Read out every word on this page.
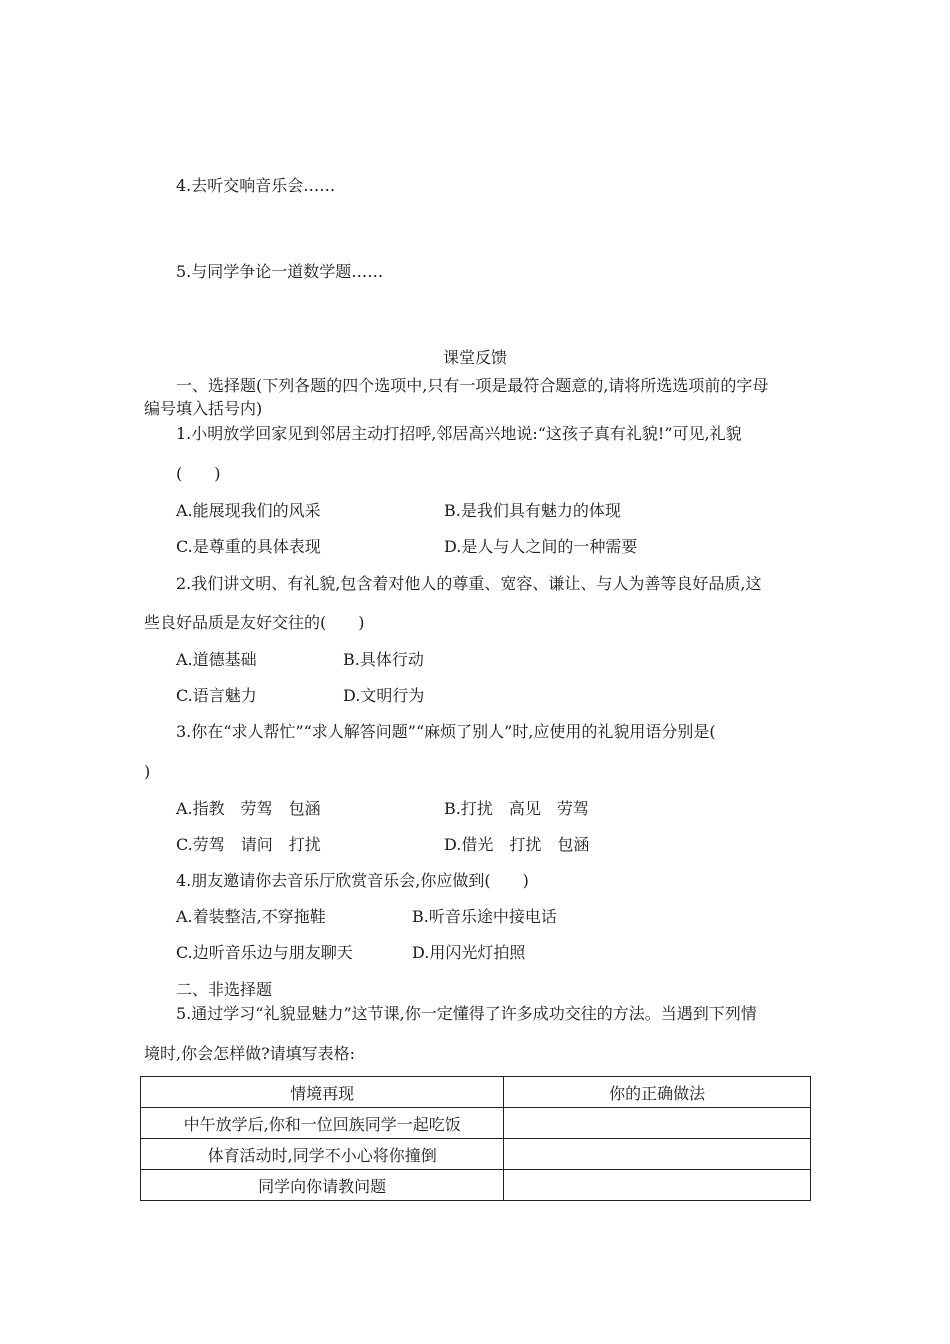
4.去听交响音乐会……
5.与同学争论一道数学题……
课堂反馈
一、选择题(下列各题的四个选项中,只有一项是最符合题意的,请将所选选项前的字母
编号填入括号内)
1.小明放学回家见到邻居主动打招呼,邻居高兴地说:“这孩子真有礼貌!”可见,礼貌
(　　)
A.能展现我们的风采	B.是我们具有魅力的体现
C.是尊重的具体表现	D.是人与人之间的一种需要
2.我们讲文明、有礼貌,包含着对他人的尊重、宽容、谦让、与人为善等良好品质,这
些良好品质是友好交往的(　　)
A.道德基础	B.具体行动
C.语言魅力	D.文明行为
3.你在“求人帮忙”“求人解答问题”“麻烦了别人”时,应使用的礼貌用语分别是(
)
A.指教　劳驾　包涵	B.打扰　高见　劳驾
C.劳驾　请问　打扰	D.借光　打扰　包涵
4.朋友邀请你去音乐厅欣赏音乐会,你应做到(　　)
A.着装整洁,不穿拖鞋	B.听音乐途中接电话
C.边听音乐边与朋友聊天	D.用闪光灯拍照
二、非选择题
5.通过学习“礼貌显魅力”这节课,你一定懂得了许多成功交往的方法。当遇到下列情
境时,你会怎样做?请填写表格:
情境再现	你的正确做法
中午放学后,你和一位回族同学一起吃饭	
体育活动时,同学不小心将你撞倒	
同学向你请教问题	
